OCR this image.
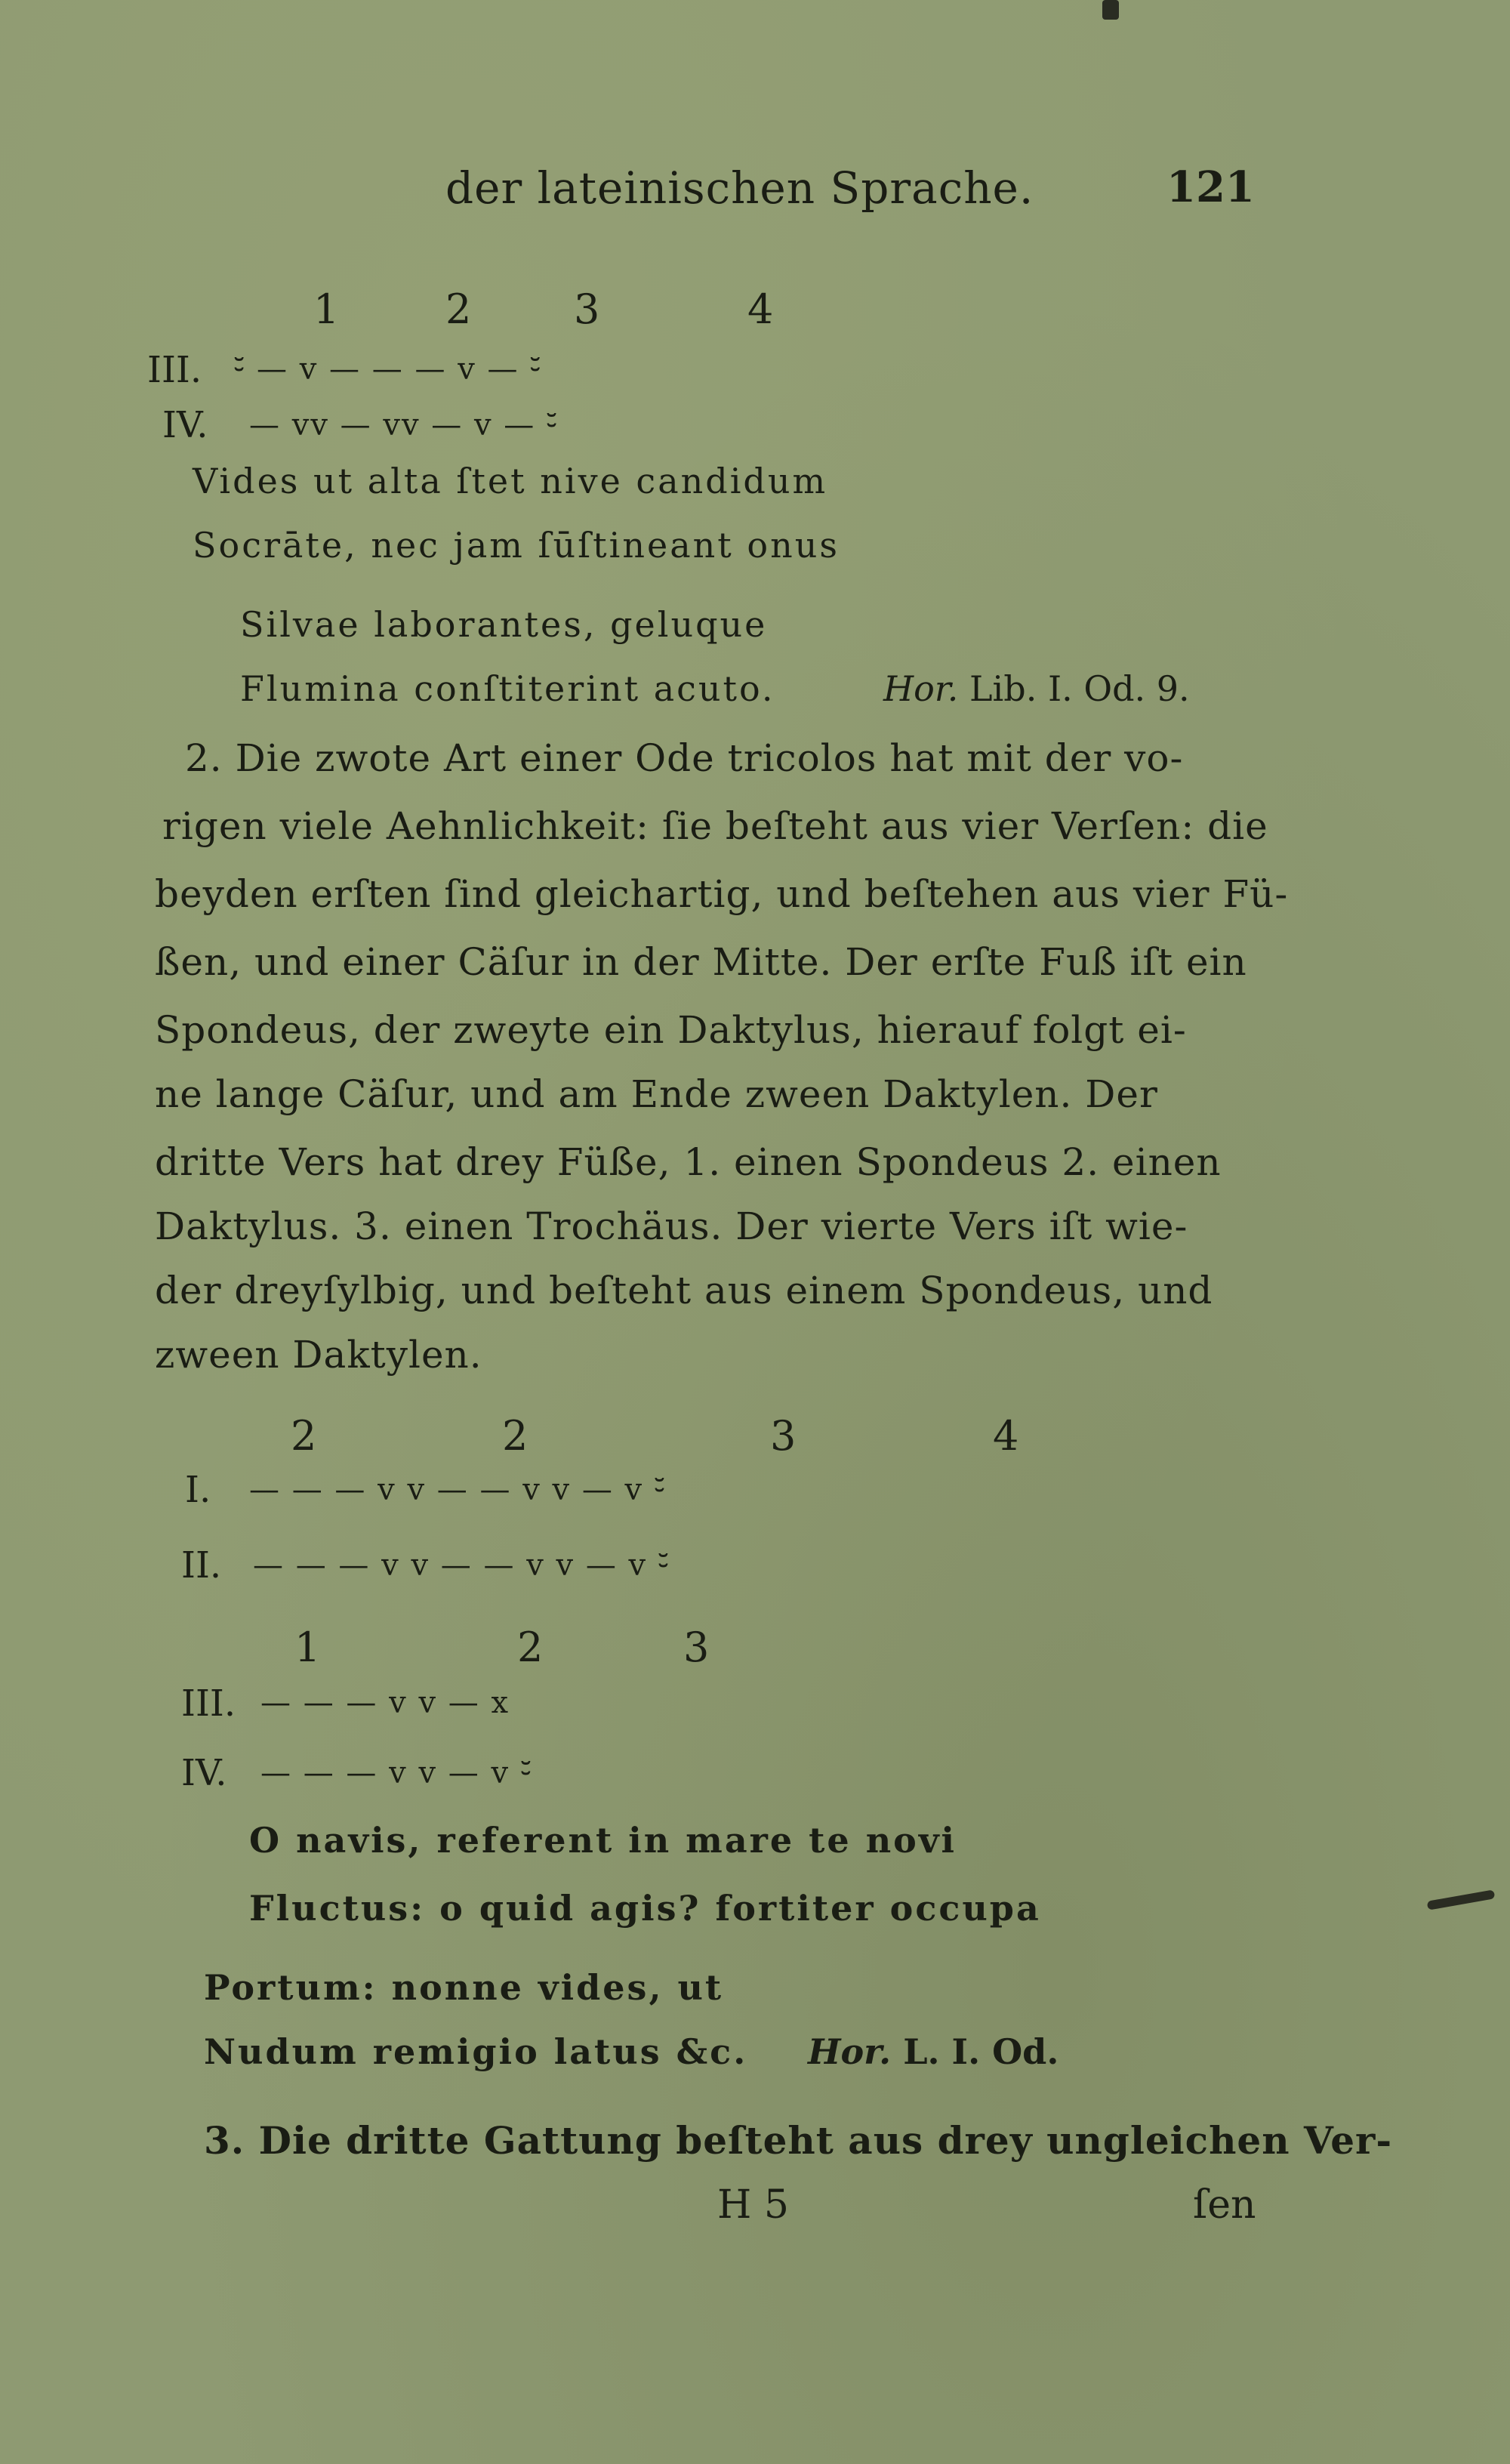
der lateinischen Sprache.	121
1	2	3	4
III. ⏑̆ — v — — — v — ⏑̆
IV. — vv — vv — v — ⏑̆
Vides ut alta ſtet nive candidum
Socrāte, nec jam ſūſtineant onus
Silvae laborantes, geluque
Flumina conſtiterint acuto.	Hor. Lib. I. Od. 9.
2. Die zwote Art einer Ode tricolos hat mit der vo-
rigen viele Aehnlichkeit: ſie beſteht aus vier Verſen: die
beyden erſten ſind gleichartig, und beſtehen aus vier Fü-
ßen, und einer Cäſur in der Mitte. Der erſte Fuß iſt ein
Spondeus, der zweyte ein Daktylus, hierauf folgt ei-
ne lange Cäſur, und am Ende zween Daktylen. Der
dritte Vers hat drey Füße, 1. einen Spondeus 2. einen
Daktylus. 3. einen Trochäus. Der vierte Vers iſt wie-
der dreyſylbig, und beſteht aus einem Spondeus, und
zween Daktylen.
2	2	3	4
I. — — — v v — — v v — v ⏑̆
II. — — — v v — — v v — v ⏑̆
1	2	3
III. — — — v v — x
IV. — — — v v — v ⏑̆
O navis, referent in mare te novi
Fluctus: o quid agis? fortiter occupa
Portum: nonne vides, ut
Nudum remigio latus &c. Hor. L. I. Od.
3. Die dritte Gattung beſteht aus drey ungleichen Ver-
H 5	ſen
